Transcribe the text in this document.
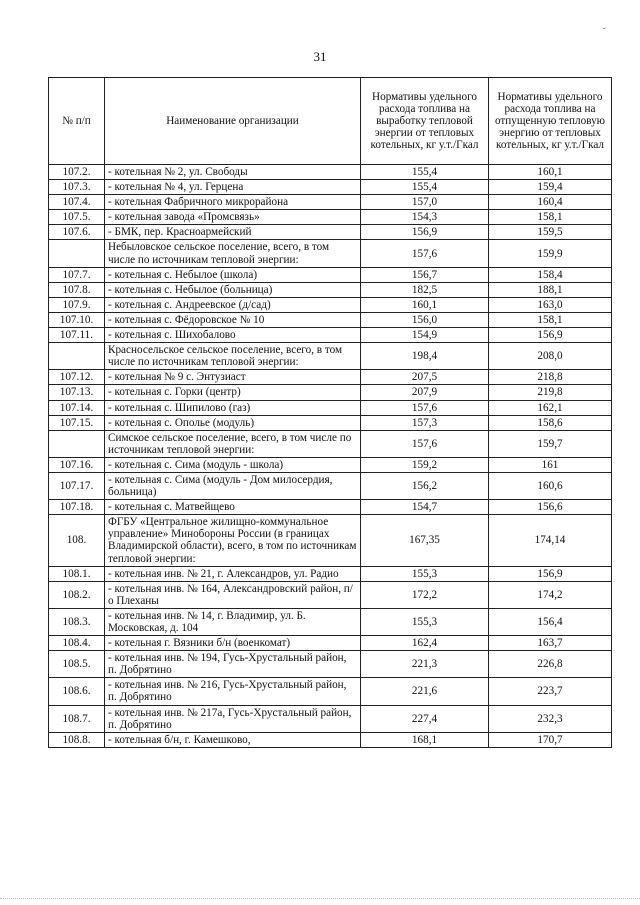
ˇ
31
№ п/п	Наименование организации	Нормативы удельного расхода топлива на выработку тепловой энергии от тепловых котельных, кг у.т./Гкал	Нормативы удельного расхода топлива на отпущенную тепловую энергию от тепловых котельных, кг у.т./Гкал
107.2.	- котельная № 2, ул. Свободы	155,4	160,1
107.3.	- котельная № 4, ул. Герцена	155,4	159,4
107.4.	- котельная Фабричного микрорайона	157,0	160,4
107.5.	- котельная завода «Промсвязь»	154,3	158,1
107.6.	- БМК, пер. Красноармейский	156,9	159,5
	Небыловское сельское поселение, всего, в том числе по источникам тепловой энергии:	157,6	159,9
107.7.	- котельная с. Небылое (школа)	156,7	158,4
107.8.	- котельная с. Небылое (больница)	182,5	188,1
107.9.	- котельная с. Андреевское (д/сад)	160,1	163,0
107.10.	- котельная с. Фёдоровское № 10	156,0	158,1
107.11.	- котельная с. Шихобалово	154,9	156,9
	Красносельское сельское поселение, всего, в том числе по источникам тепловой энергии:	198,4	208,0
107.12.	- котельная № 9 с. Энтузиаст	207,5	218,8
107.13.	- котельная с. Горки (центр)	207,9	219,8
107.14.	- котельная с. Шипилово (газ)	157,6	162,1
107.15.	- котельная с. Ополье (модуль)	157,3	158,6
	Симское сельское поселение, всего, в том числе по источникам тепловой энергии:	157,6	159,7
107.16.	- котельная с. Сима (модуль - школа)	159,2	161
107.17.	- котельная с. Сима (модуль - Дом милосердия, больница)	156,2	160,6
107.18.	- котельная с. Матвейщево	154,7	156,6
108.	ФГБУ «Центральное жилищно-коммунальное управление» Минобороны России (в границах Владимирской области), всего, в том по источникам тепловой энергии:	167,35	174,14
108.1.	- котельная инв. № 21, г. Александров, ул. Радио	155,3	156,9
108.2.	- котельная инв. № 164, Александровский район, п/о Плеханы	172,2	174,2
108.3.	- котельная инв. № 14, г. Владимир, ул. Б. Московская, д. 104	155,3	156,4
108.4.	- котельная г. Вязники б/н (военкомат)	162,4	163,7
108.5.	- котельная инв. № 194, Гусь-Хрустальный район, п. Добрятино	221,3	226,8
108.6.	- котельная инв. № 216, Гусь-Хрустальный район, п. Добрятино	221,6	223,7
108.7.	- котельная инв. № 217а, Гусь-Хрустальный район, п. Добрятино	227,4	232,3
108.8.	- котельная б/н, г. Камешково,	168,1	170,7
